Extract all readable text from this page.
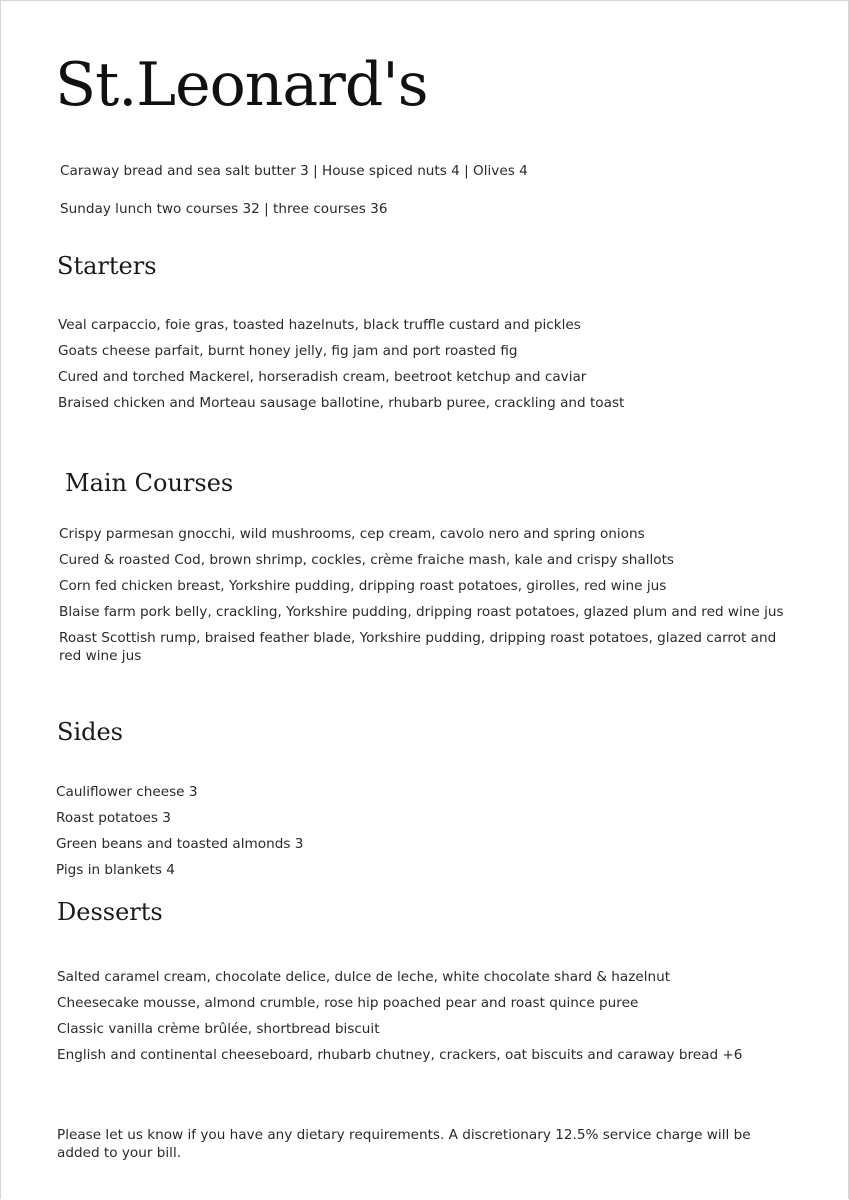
St.Leonard's
Caraway bread and sea salt butter 3 | House spiced nuts 4 | Olives 4
Sunday lunch two courses 32 | three courses 36
Starters
Veal carpaccio, foie gras, toasted hazelnuts, black truffle custard and pickles
Goats cheese parfait, burnt honey jelly, fig jam and port roasted fig
Cured and torched Mackerel, horseradish cream, beetroot ketchup and caviar
Braised chicken and Morteau sausage ballotine, rhubarb puree, crackling and toast
Main Courses
Crispy parmesan gnocchi, wild mushrooms, cep cream, cavolo nero and spring onions
Cured & roasted Cod, brown shrimp, cockles, crème fraiche mash, kale and crispy shallots
Corn fed chicken breast, Yorkshire pudding, dripping roast potatoes, girolles, red wine jus
Blaise farm pork belly, crackling, Yorkshire pudding, dripping roast potatoes, glazed plum and red wine jus
Roast Scottish rump, braised feather blade, Yorkshire pudding, dripping roast potatoes, glazed carrot and
red wine jus
Sides
Cauliflower cheese 3
Roast potatoes 3
Green beans and toasted almonds 3
Pigs in blankets 4
Desserts
Salted caramel cream, chocolate delice, dulce de leche, white chocolate shard & hazelnut
Cheesecake mousse, almond crumble, rose hip poached pear and roast quince puree
Classic vanilla crème brûlée, shortbread biscuit
English and continental cheeseboard, rhubarb chutney, crackers, oat biscuits and caraway bread +6
Please let us know if you have any dietary requirements. A discretionary 12.5% service charge will be added to your bill.
